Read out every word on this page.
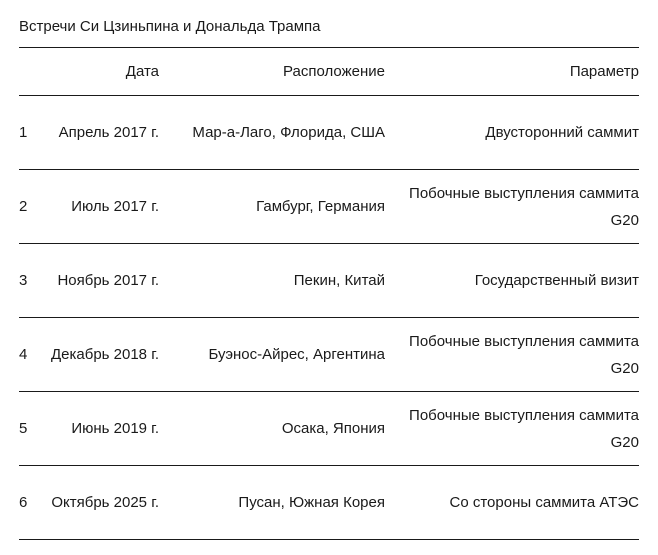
Встречи Си Цзиньпина и Дональда Трампа
	Дата	Расположение	Параметр
1	Апрель 2017 г.	Мар-а-Лаго, Флорида, США	Двусторонний саммит
2	Июль 2017 г.	Гамбург, Германия	Побочные выступления саммита G20
3	Ноябрь 2017 г.	Пекин, Китай	Государственный визит
4	Декабрь 2018 г.	Буэнос-Айрес, Аргентина	Побочные выступления саммита G20
5	Июнь 2019 г.	Осака, Япония	Побочные выступления саммита G20
6	Октябрь 2025 г.	Пусан, Южная Корея	Со стороны саммита АТЭС
